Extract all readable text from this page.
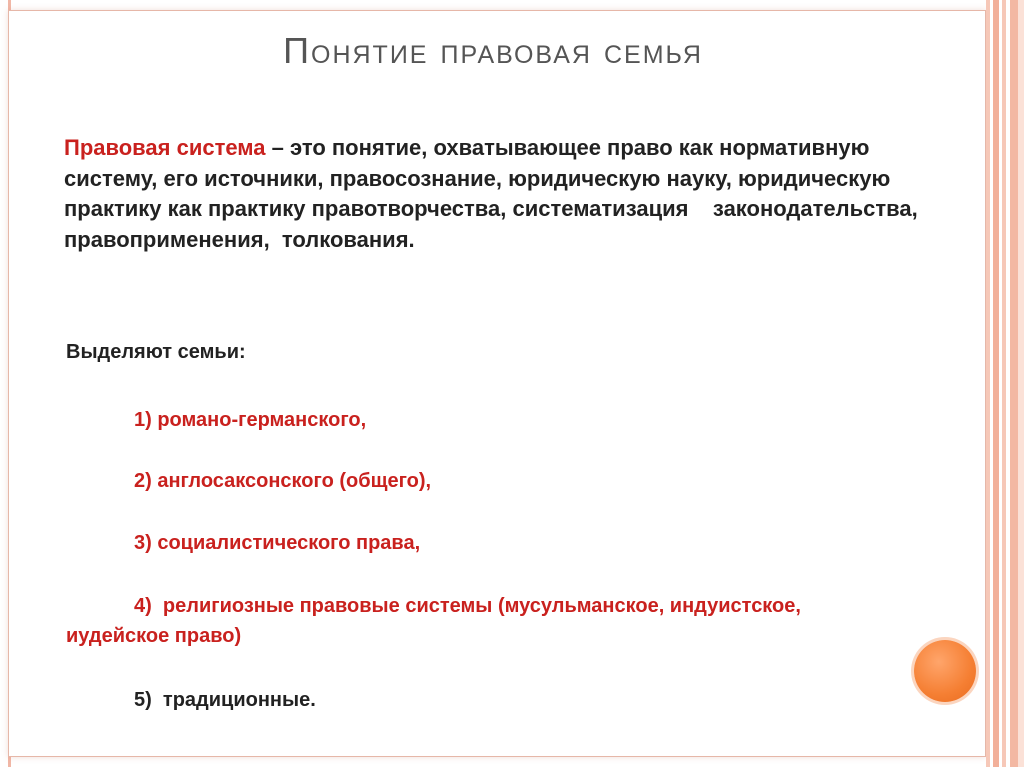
Понятие правовая семья
Правовая система – это понятие, охватывающее право как нормативную систему, его источники, правосознание, юридическую науку, юридическую практику как практику правотворчества, систематизация    законодательства, правоприменения,  толкования.
Выделяют семьи:
1) романо-германского,
2) англосаксонского (общего),
3) социалистического права,
4)  религиозные правовые системы (мусульманское, индуистское, иудейское право)
5)  традиционные.
